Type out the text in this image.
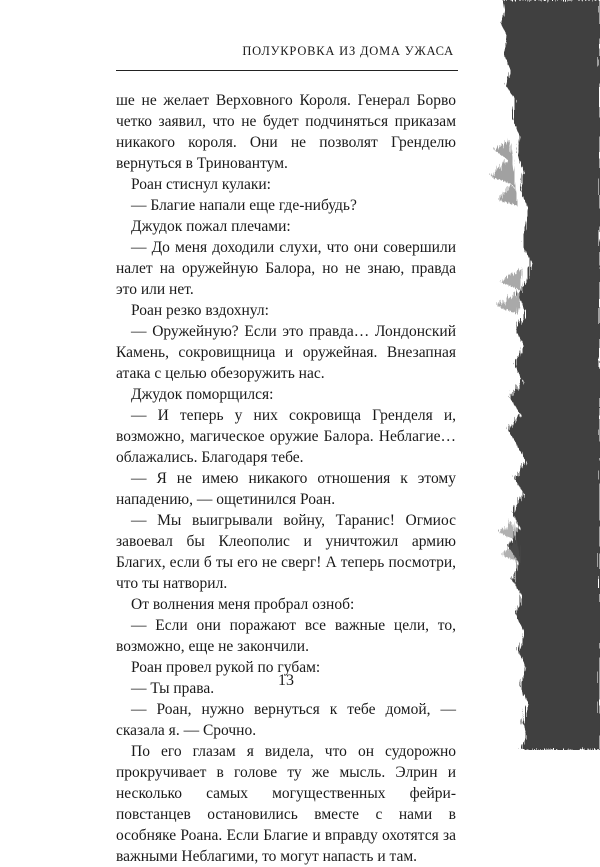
ПОЛУКРОВКА ИЗ ДОМА УЖАСА

ше не желает Верховного Короля. Генерал Борво четко заявил, что не будет подчиняться приказам никакого короля. Они не позволят Гренделю вернуться в Триновантум.

Роан стиснул кулаки:

— Благие напали еще где-нибудь?

Джудок пожал плечами:

— До меня доходили слухи, что они совершили налет на оружейную Балора, но не знаю, правда это или нет.

Роан резко вздохнул:

— Оружейную? Если это правда… Лондонский Камень, сокровищница и оружейная. Внезапная атака с целью обезоружить нас.

Джудок поморщился:

— И теперь у них сокровища Гренделя и, возможно, магическое оружие Балора. Неблагие… облажались. Благодаря тебе.

— Я не имею никакого отношения к этому нападению, — ощетинился Роан.

— Мы выигрывали войну, Таранис! Огмиос завоевал бы Клеополис и уничтожил армию Благих, если б ты его не сверг! А теперь посмотри, что ты натворил.

От волнения меня пробрал озноб:

— Если они поражают все важные цели, то, возможно, еще не закончили.

Роан провел рукой по губам:

— Ты права.

— Роан, нужно вернуться к тебе домой, — сказала я. — Срочно.

По его глазам я видела, что он судорожно прокручивает в голове ту же мысль. Элрин и несколько самых могущественных фейри-повстанцев остановились вместе с нами в особняке Роана. Если Благие и вправду охотятся за важными Неблагими, то могут напасть и там.

13
